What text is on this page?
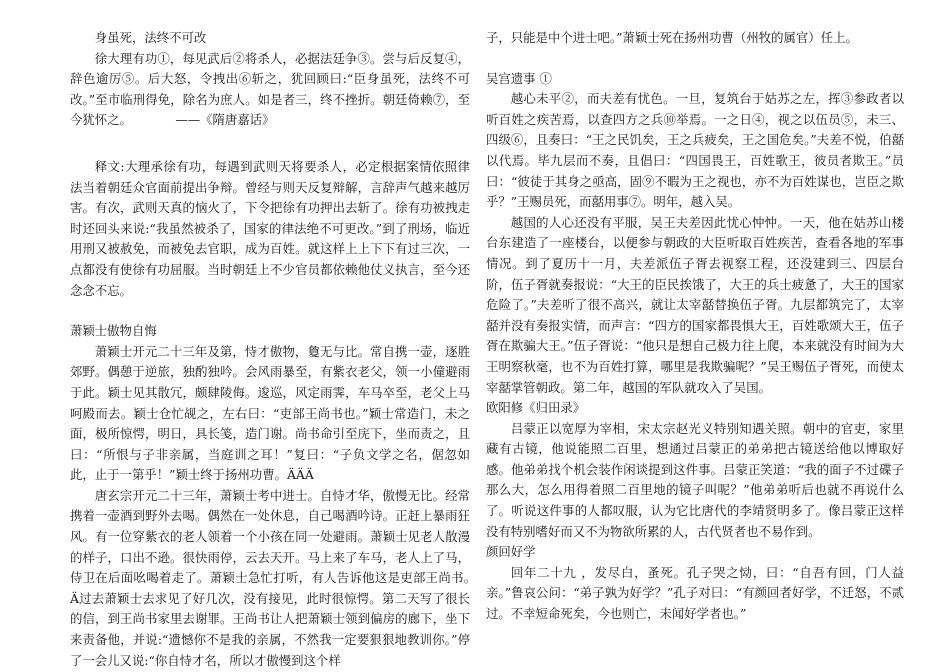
身虽死，法终不可改

徐大理有功①，每见武后②将杀人，必据法廷争③。尝与后反复④，辞色逾厉⑤。后大怒，令拽出⑥斩之，犹回顾曰:“臣身虽死，法终不可改。”至市临刑得免，除名为庶人。如是者三，终不挫折。朝廷倚赖⑦，至今犹怀之。　　　　——《隋唐嘉话》

释文:大理承徐有功，每遇到武则天将要杀人，必定根据案情依照律法当着朝廷众官面前提出争辩。曾经与则天反复辩解，言辞声气越来越厉害。有次，武则天真的恼火了，下令把徐有功押出去斩了。徐有功被拽走时还回头来说:“我虽然被杀了，国家的律法绝不可更改。”到了刑场，临近用刑又被赦免，而被免去官职，成为百姓。就这样上上下下有过三次，一点都没有使徐有功屈服。当时朝廷上不少官员都依赖他仗义执言，至今还念念不忘。

萧颖士傲物自悔

萧颖士开元二十三年及第，恃才傲物，敻无与比。常自携一壶，逐胜郊野。偶憩于逆旅，独酌独吟。会风雨暴至，有紫衣老父，领一小僮避雨于此。颖士见其散冗，颇肆陵侮。逡巡，风定雨霁，车马卒至，老父上马呵殿而去。颖士仓忙觇之，左右曰：“吏部王尚书也。”颖士常造门，未之面，极所惊愕，明日，具长笺，造门谢。尚书命引至庑下，坐而责之，且曰：“所恨与子非亲属，当庭训之耳！”复曰：“子负文学之名，倨忽如此，止于一第乎！”颖士终于扬州功曹。ÄÄÄ

唐玄宗开元二十三年，萧颖士考中进士。自恃才华，傲慢无比。经常携着一壶酒到野外去喝。偶然在一处休息，自己喝酒吟诗。正赶上暴雨狂风。有一位穿紫衣的老人领着一个小孩在同一处避雨。萧颖士见老人散漫的样子，口出不逊。很快雨停，云去天开。马上来了车马，老人上了马，侍卫在后面吆喝着走了。萧颖士急忙打听，有人告诉他这是吏部王尚书。　Ä过去萧颖士去求见了好几次，没有接见，此时很惊愕。第二天写了很长的信，到王尚书家里去谢罪。王尚书让人把萧颖士领到偏房的廊下，坐下来责备他，并说:“遗憾你不是我的亲属，不然我一定要狠狠地教训你。”停了一会儿又说:“你自恃才名，所以才傲慢到这个样

子，只能是中个进士吧。”萧颖士死在扬州功曹（州牧的属官）任上。

吴宫遗事 ①

越心未平②，而夫差有忧色。一旦，复筑台于姑苏之左，挥③参政者以听百姓之疾苦焉，以查四方之兵⑩举焉。一之日④，视之以伍员⑤，未三、四级⑥，且奏曰：“王之民饥矣，王之兵疲矣，王之国危矣。”夫差不悦，伯嚭以代焉。毕九层而不奏，且倡曰：“四国畏王，百姓歌王，彼员者欺王。”员曰：“彼徒于其身之亟高，固⑨不暇为王之视也，亦不为百姓谋也，岂臣之欺乎？”王赐员死，而嚭用事⑦。明年，越入吴。

越国的人心还没有平服，吴王夫差因此忧心忡忡。一天，他在姑苏山楼台东建造了一座楼台，以便参与朝政的大臣听取百姓疾苦，查看各地的军事情况。到了夏历十一月，夫差派伍子胥去视察工程，还没建到三、四层台阶，伍子胥就奏报说：“大王的臣民挨饿了，大王的兵士疲惫了，大王的国家危险了。”夫差听了很不高兴，就让太宰嚭替换伍子胥。九层都筑完了，太宰嚭并没有奏报实情，而声言：“四方的国家都畏惧大王，百姓歌颂大王，伍子胥在欺骗大王。”伍子胥说：“他只是想自己极力往上爬，本来就没有时间为大王明察秋毫，也不为百姓打算，哪里是我欺骗呢？”吴王赐伍子胥死，而使太宰嚭掌管朝政。第二年，越国的军队就攻入了吴国。

欧阳修《归田录》

吕蒙正以宽厚为宰相，宋太宗赵光义特别知遇关照。朝中的官吏，家里藏有古镜，他说能照二百里，想通过吕蒙正的弟弟把古镜送给他以博取好感。他弟弟找个机会装作闲谈提到这件事。吕蒙正笑道：“我的面子不过碟子那么大，怎么用得着照二百里地的镜子叫呢？”他弟弟听后也就不再说什么了。听说这件事的人都叹服，认为它比唐代的李靖贤明多了。像吕蒙正这样没有特别嗜好而又不为物欲所累的人，古代贤者也不易作到。

颜回好学

回年二十九 ，发尽白，蚤死。孔子哭之恸，曰：“自吾有回，门人益亲。”鲁哀公问：“弟子孰为好学？”孔子对曰：“有颜回者好学，不迁怒，不贰过。不幸短命死矣，今也则亡，未闻好学者也。”
